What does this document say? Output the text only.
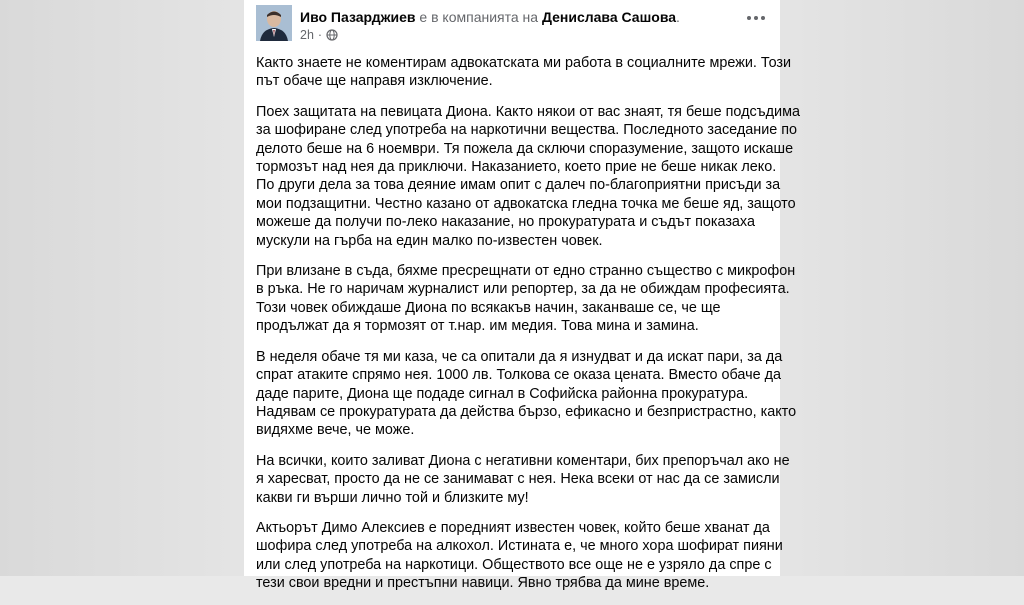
Иво Пазарджиев е в компанията на Денислава Сашова.
2h ·

Както знаете не коментирам адвокатската ми работа в социалните мрежи. Този
път обаче ще направя изключение.

Поех защитата на певицата Диона. Както някои от вас знаят, тя беше подсъдима
за шофиране след употреба на наркотични вещества. Последното заседание по
делото беше на 6 ноември. Тя пожела да сключи споразумение, защото искаше
тормозът над нея да приключи. Наказанието, което прие не беше никак леко.
По други дела за това деяние имам опит с далеч по-благоприятни присъди за
мои подзащитни. Честно казано от адвокатска гледна точка ме беше яд, защото
можеше да получи по-леко наказание, но прокуратурата и съдът показаха
мускули на гърба на един малко по-известен човек.

При влизане в съда, бяхме пресрещнати от едно странно същество с микрофон
в ръка. Не го наричам журналист или репортер, за да не обиждам професията.
Този човек обиждаше Диона по всякакъв начин, заканваше се, че ще
продължат да я тормозят от т.нар. им медия. Това мина и замина.

В неделя обаче тя ми каза, че са опитали да я изнудват и да искат пари, за да
спрат атаките спрямо нея. 1000 лв. Толкова се оказа цената. Вместо обаче да
даде парите, Диона ще подаде сигнал в Софийска районна прокуратура.
Надявам се прокуратурата да действа бързо, ефикасно и безпристрастно, както
видяхме вече, че може.

На всички, които заливат Диона с негативни коментари, бих препоръчал ако не
я харесват, просто да не се занимават с нея. Нека всеки от нас да се замисли
какви ги върши лично той и близките му!

Актьорът Димо Алексиев е поредният известен човек, който беше хванат да
шофира след употреба на алкохол. Истината е, че много хора шофират пияни
или след употреба на наркотици. Обществото все още не е узряло да спре с
тези свои вредни и престъпни навици. Явно трябва да мине време.
